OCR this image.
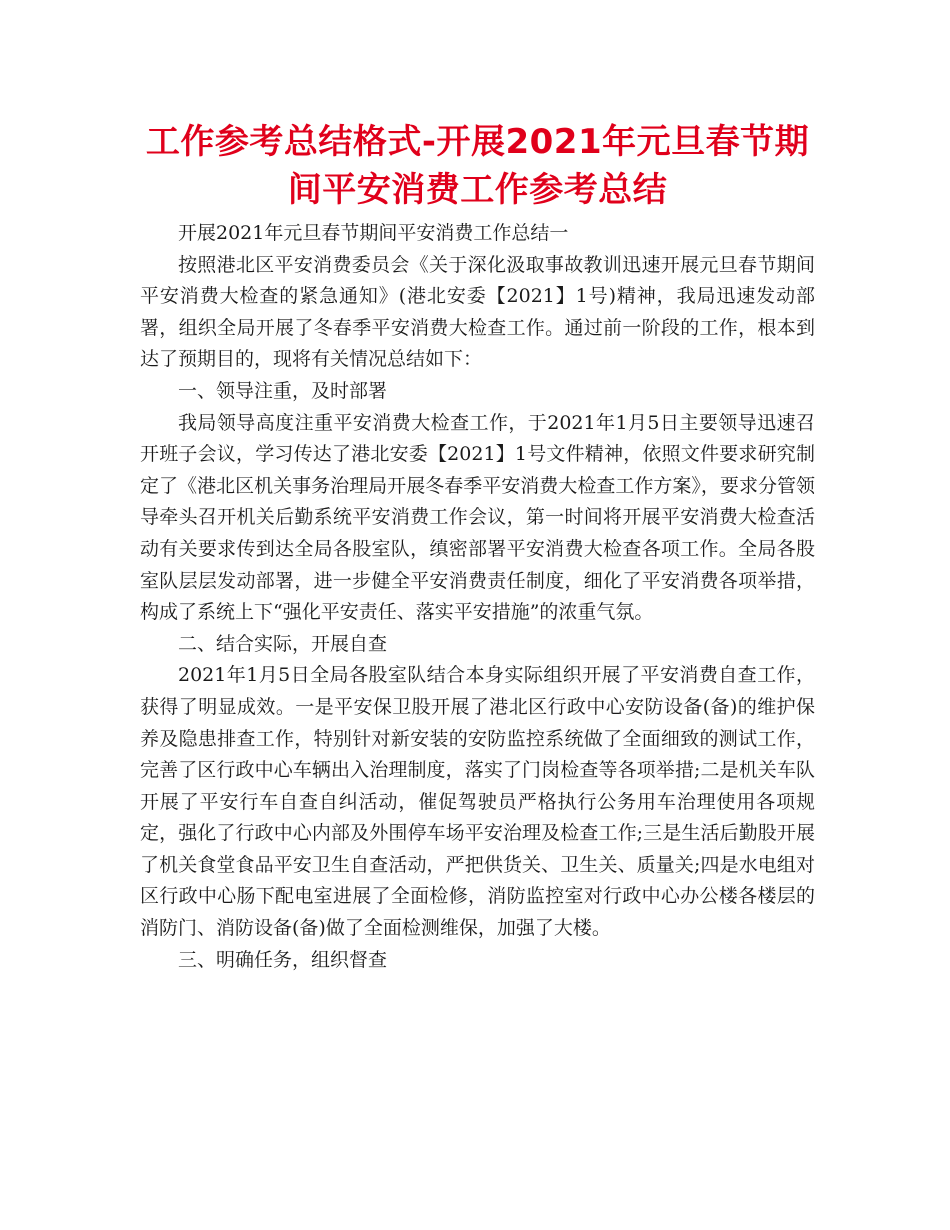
工作参考总结格式-开展2021年元旦春节期间平安消费工作参考总结

开展2021年元旦春节期间平安消费工作总结一

按照港北区平安消费委员会《关于深化汲取事故教训迅速开展元旦春节期间平安消费大检查的紧急通知》(港北安委【2021】1号)精神，我局迅速发动部署，组织全局开展了冬春季平安消费大检查工作。通过前一阶段的工作，根本到达了预期目的，现将有关情况总结如下：

一、领导注重，及时部署

我局领导高度注重平安消费大检查工作，于2021年1月5日主要领导迅速召开班子会议，学习传达了港北安委【2021】1号文件精神，依照文件要求研究制定了《港北区机关事务治理局开展冬春季平安消费大检查工作方案》，要求分管领导牵头召开机关后勤系统平安消费工作会议，第一时间将开展平安消费大检查活动有关要求传到达全局各股室队，缜密部署平安消费大检查各项工作。全局各股室队层层发动部署，进一步健全平安消费责任制度，细化了平安消费各项举措，构成了系统上下“强化平安责任、落实平安措施”的浓重气氛。

二、结合实际，开展自查

2021年1月5日全局各股室队结合本身实际组织开展了平安消费自查工作，获得了明显成效。一是平安保卫股开展了港北区行政中心安防设备(备)的维护保养及隐患排查工作，特别针对新安装的安防监控系统做了全面细致的测试工作，完善了区行政中心车辆出入治理制度，落实了门岗检查等各项举措;二是机关车队开展了平安行车自查自纠活动，催促驾驶员严格执行公务用车治理使用各项规定，强化了行政中心内部及外围停车场平安治理及检查工作;三是生活后勤股开展了机关食堂食品平安卫生自查活动，严把供货关、卫生关、质量关;四是水电组对区行政中心肠下配电室进展了全面检修，消防监控室对行政中心办公楼各楼层的消防门、消防设备(备)做了全面检测维保，加强了大楼。

三、明确任务，组织督查
